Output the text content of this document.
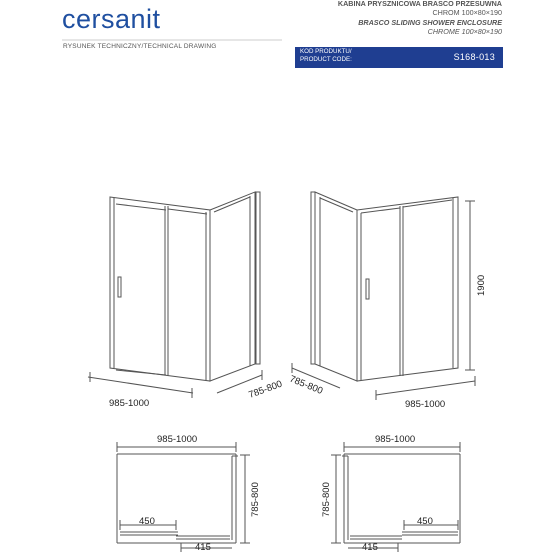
cersanit
RYSUNEK TECHNICZNY/TECHNICAL DRAWING
KABINA PRYSZNICOWA BRASCO PRZESUWNA
CHROM 100×80×190
BRASCO SLIDING SHOWER ENCLOSURE
CHROME 100×80×190
KOD PRODUKTU/
PRODUCT CODE:	S168-013
985-1000
785-800 785-800
985-1000
1900
985-1000
450
415
785-800
985-1000
450
415
785-800
